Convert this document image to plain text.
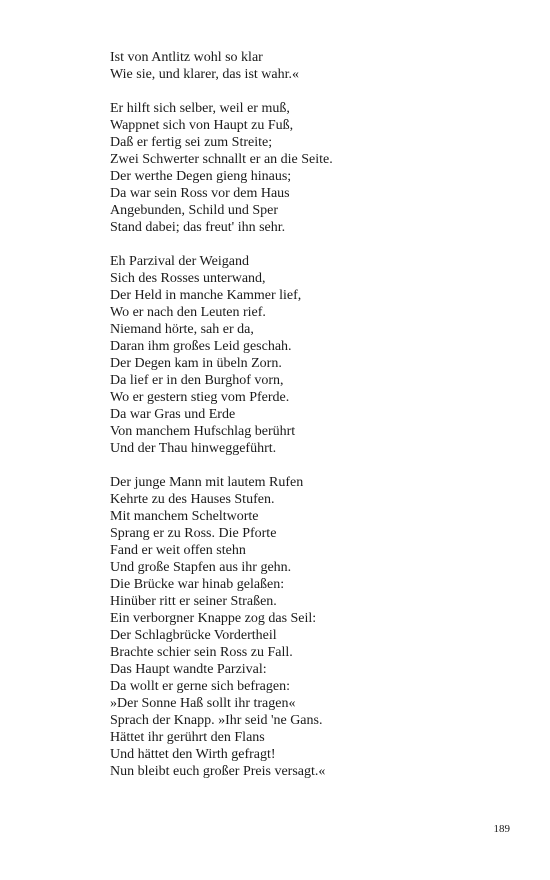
Ist von Antlitz wohl so klar
Wie sie, und klarer, das ist wahr.«
Er hilft sich selber, weil er muß,
Wappnet sich von Haupt zu Fuß,
Daß er fertig sei zum Streite;
Zwei Schwerter schnallt er an die Seite.
Der werthe Degen gieng hinaus;
Da war sein Ross vor dem Haus
Angebunden, Schild und Sper
Stand dabei; das freut' ihn sehr.
Eh Parzival der Weigand
Sich des Rosses unterwand,
Der Held in manche Kammer lief,
Wo er nach den Leuten rief.
Niemand hörte, sah er da,
Daran ihm großes Leid geschah.
Der Degen kam in übeln Zorn.
Da lief er in den Burghof vorn,
Wo er gestern stieg vom Pferde.
Da war Gras und Erde
Von manchem Hufschlag berührt
Und der Thau hinweggeführt.
Der junge Mann mit lautem Rufen
Kehrte zu des Hauses Stufen.
Mit manchem Scheltworte
Sprang er zu Ross. Die Pforte
Fand er weit offen stehn
Und große Stapfen aus ihr gehn.
Die Brücke war hinab gelaßen:
Hinüber ritt er seiner Straßen.
Ein verborgner Knappe zog das Seil:
Der Schlagbrücke Vordertheil
Brachte schier sein Ross zu Fall.
Das Haupt wandte Parzival:
Da wollt er gerne sich befragen:
»Der Sonne Haß sollt ihr tragen«
Sprach der Knapp. »Ihr seid 'ne Gans.
Hättet ihr gerührt den Flans
Und hättet den Wirth gefragt!
Nun bleibt euch großer Preis versagt.«
189
